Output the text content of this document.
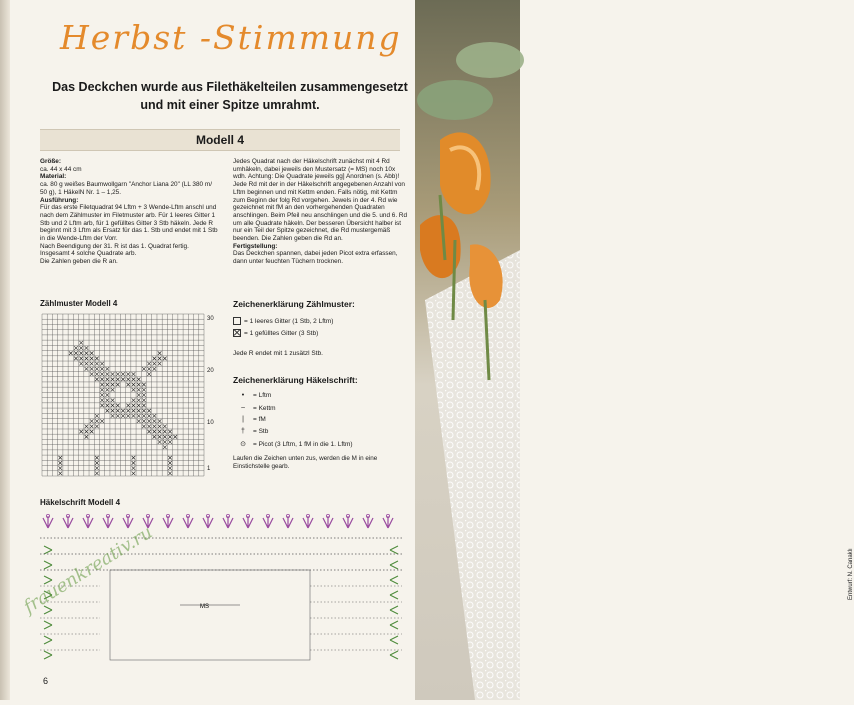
Herbst -Stimmung
Das Deckchen wurde aus Filethäkelteilen zusammengesetzt
und mit einer Spitze umrahmt.
Modell 4

Größe:

ca. 44 x 44 cm

Material:

ca. 80 g weißes Baumwollgarn "Anchor Liana 20" (LL 380 m/ 50 g), 1 HäkelN Nr. 1 – 1,25.

Ausführung:

Für das erste Filetquadrat 94 Lftm + 3 Wende-Lftm anschl und nach dem Zählmuster im Filetmuster arb. Für 1 leeres Gitter 1 Stb und 2 Lftm arb, für 1 gefülltes Gitter 3 Stb häkeln. Jede R beginnt mit 3 Lftm als Ersatz für das 1. Stb und endet mit 1 Stb in die Wende-Lftm der Vorr.

Nach Beendigung der 31. R ist das 1. Quadrat fertig. Insgesamt 4 solche Quadrate arb.

Die Zahlen geben die R an.

Jedes Quadrat nach der Häkelschrift zunächst mit 4 Rd umhäkeln, dabei jeweils den Mustersatz (= MS) noch 10x wdh. Achtung: Die Quadrate jeweils gg] Anordnen (s. Abb)! Jede Rd mit der in der Häkelschrift angegebenen Anzahl von Lftm beginnen und mit Kettm enden. Falls nötig, mit Kettm zum Beginn der folg Rd vorgehen. Jewels in der 4. Rd wie gezeichnet mit fM an den vorhergehenden Quadraten anschlingen. Beim Pfeil neu anschlingen und die 5. und 6. Rd um alle Quadrate häkeln. Der besseren Übersicht halber ist nur ein Teil der Spitze gezeichnet, die Rd mustergemäß beenden. Die Zahlen geben die Rd an.

Fertigstellung:

Das Deckchen spannen, dabei jeden Picot extra erfassen, dann unter feuchten Tüchern trocknen.

Zählmuster Modell 4
30
20
10
1
Zeichenerklärung Zählmuster:
= 1 leeres Gitter (1 Stb, 2 Lftm)
= 1 gefülltes Gitter (3 Stb)
Jede R endet mit 1 zusätzl Stb.
Zeichenerklärung Häkelschrift:
•	= Lftm
⌢	= Kettm
|	= fM
†	= Stb
⊙	= Picot (3 Lftm, 1 fM in die 1. Lftm)
Laufen die Zeichen unten zus, werden die M in eine Einstichstelle gearb.
Häkelschrift Modell 4
MS
frauenkreativ.ru
6
Entwurf: N. Canaklı
